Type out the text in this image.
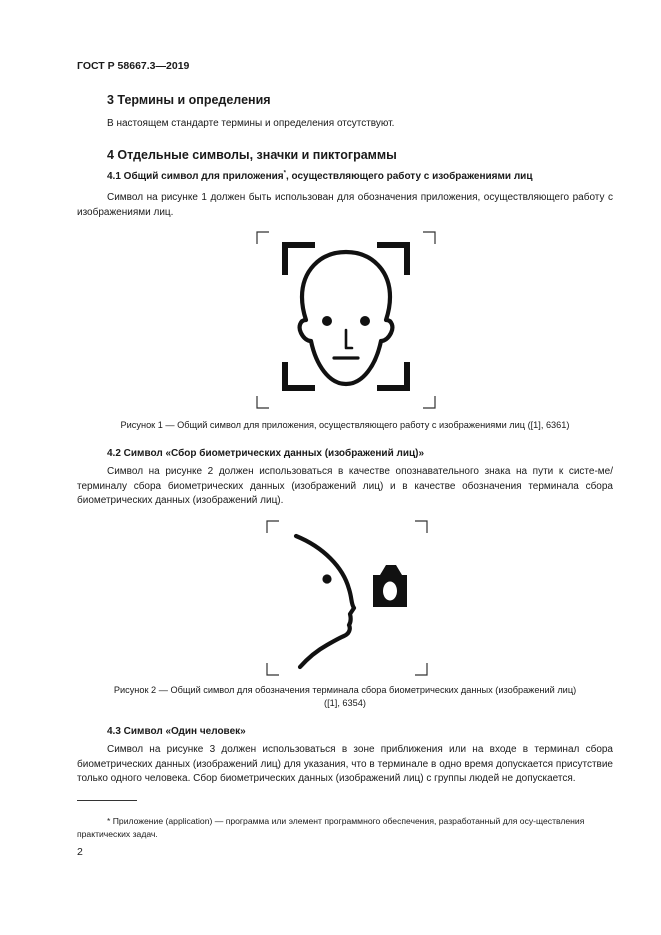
ГОСТ Р 58667.3—2019
3 Термины и определения
В настоящем стандарте термины и определения отсутствуют.
4 Отдельные символы, значки и пиктограммы
4.1 Общий символ для приложения*, осуществляющего работу с изображениями лиц
Символ на рисунке 1 должен быть использован для обозначения приложения, осуществляющего работу с изображениями лиц.
Рисунок 1 — Общий символ для приложения, осуществляющего работу с изображениями лиц ([1], 6361)
4.2 Символ «Сбор биометрических данных (изображений лиц)»
Символ на рисунке 2 должен использоваться в качестве опознавательного знака на пути к систе-ме/терминалу сбора биометрических данных (изображений лиц) и в качестве обозначения терминала сбора биометрических данных (изображений лиц).
Рисунок 2 — Общий символ для обозначения терминала сбора биометрических данных (изображений лиц)
([1], 6354)
4.3 Символ «Один человек»
Символ на рисунке 3 должен использоваться в зоне приближения или на входе в терминал сбора биометрических данных (изображений лиц) для указания, что в терминале в одно время допускается присутствие только одного человека. Сбор биометрических данных (изображений лиц) с группы людей не допускается.
* Приложение (application) — программа или элемент программного обеспечения, разработанный для осу-ществления практических задач.
2
